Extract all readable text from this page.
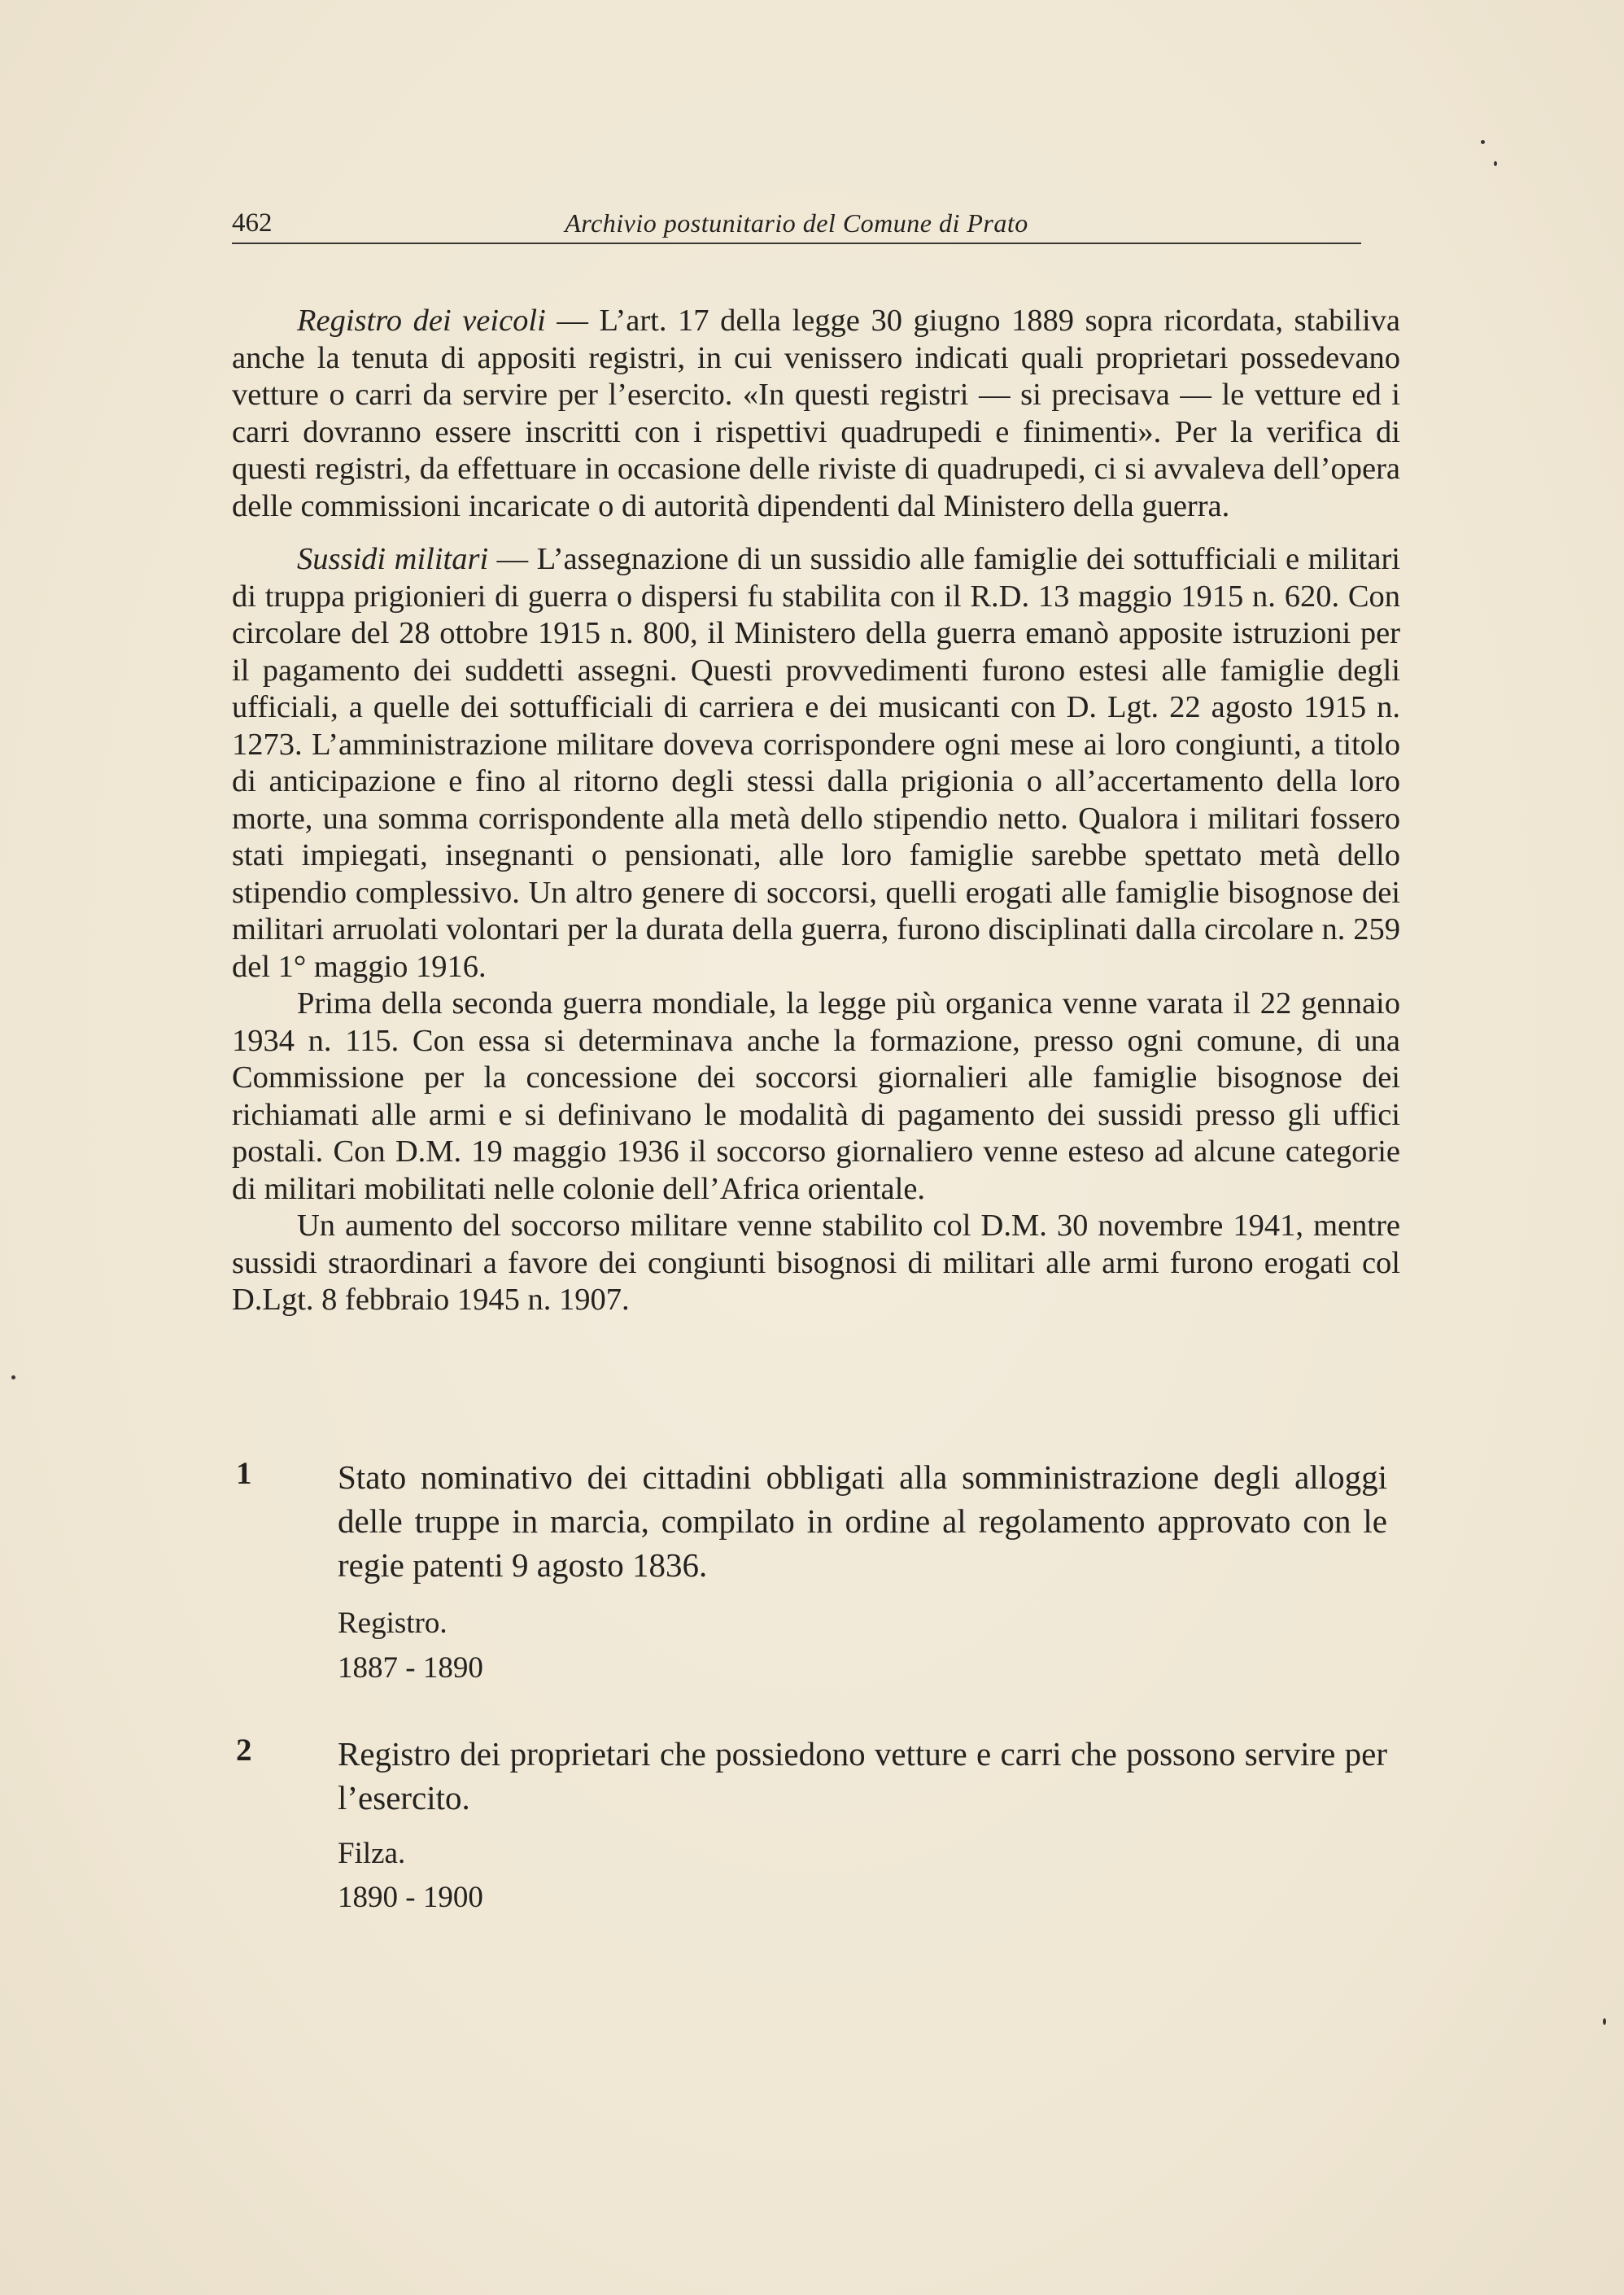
462	Archivio postunitario del Comune di Prato

Registro dei veicoli — L’art. 17 della legge 30 giugno 1889 sopra ricordata, stabiliva anche la tenuta di appositi registri, in cui venissero indicati quali proprietari possedevano vetture o carri da servire per l’esercito. «In questi registri — si precisava — le vetture ed i carri dovranno essere inscritti con i rispettivi quadrupedi e finimenti». Per la verifica di questi registri, da effettuare in occasione delle riviste di quadrupedi, ci si avvaleva dell’opera delle commissioni incaricate o di autorità dipendenti dal Ministero della guerra.

Sussidi militari — L’assegnazione di un sussidio alle famiglie dei sottufficiali e militari di truppa prigionieri di guerra o dispersi fu stabilita con il R.D. 13 maggio 1915 n. 620. Con circolare del 28 ottobre 1915 n. 800, il Ministero della guerra emanò apposite istruzioni per il pagamento dei suddetti assegni. Questi provvedimenti furono estesi alle famiglie degli ufficiali, a quelle dei sottufficiali di carriera e dei musicanti con D. Lgt. 22 agosto 1915 n. 1273. L’amministrazione militare doveva corrispondere ogni mese ai loro congiunti, a titolo di anticipazione e fino al ritorno degli stessi dalla prigionia o all’accertamento della loro morte, una somma corrispondente alla metà dello stipendio netto. Qualora i militari fossero stati impiegati, insegnanti o pensionati, alle loro famiglie sarebbe spettato metà dello stipendio complessivo. Un altro genere di soccorsi, quelli erogati alle famiglie bisognose dei militari arruolati volontari per la durata della guerra, furono disciplinati dalla circolare n. 259 del 1° maggio 1916.

Prima della seconda guerra mondiale, la legge più organica venne varata il 22 gennaio 1934 n. 115. Con essa si determinava anche la formazione, presso ogni comune, di una Commissione per la concessione dei soccorsi giornalieri alle famiglie bisognose dei richiamati alle armi e si definivano le modalità di pagamento dei sussidi presso gli uffici postali. Con D.M. 19 maggio 1936 il soccorso giornaliero venne esteso ad alcune categorie di militari mobilitati nelle colonie dell’Africa orientale.

Un aumento del soccorso militare venne stabilito col D.M. 30 novembre 1941, mentre sussidi straordinari a favore dei congiunti bisognosi di militari alle armi furono erogati col D.Lgt. 8 febbraio 1945 n. 1907.

1	Stato nominativo dei cittadini obbligati alla somministrazione degli alloggi delle truppe in marcia, compilato in ordine al regolamento approvato con le regie patenti 9 agosto 1836.
Registro.
1887 - 1890
2	Registro dei proprietari che possiedono vetture e carri che possono servire per l’esercito.
Filza.
1890 - 1900
